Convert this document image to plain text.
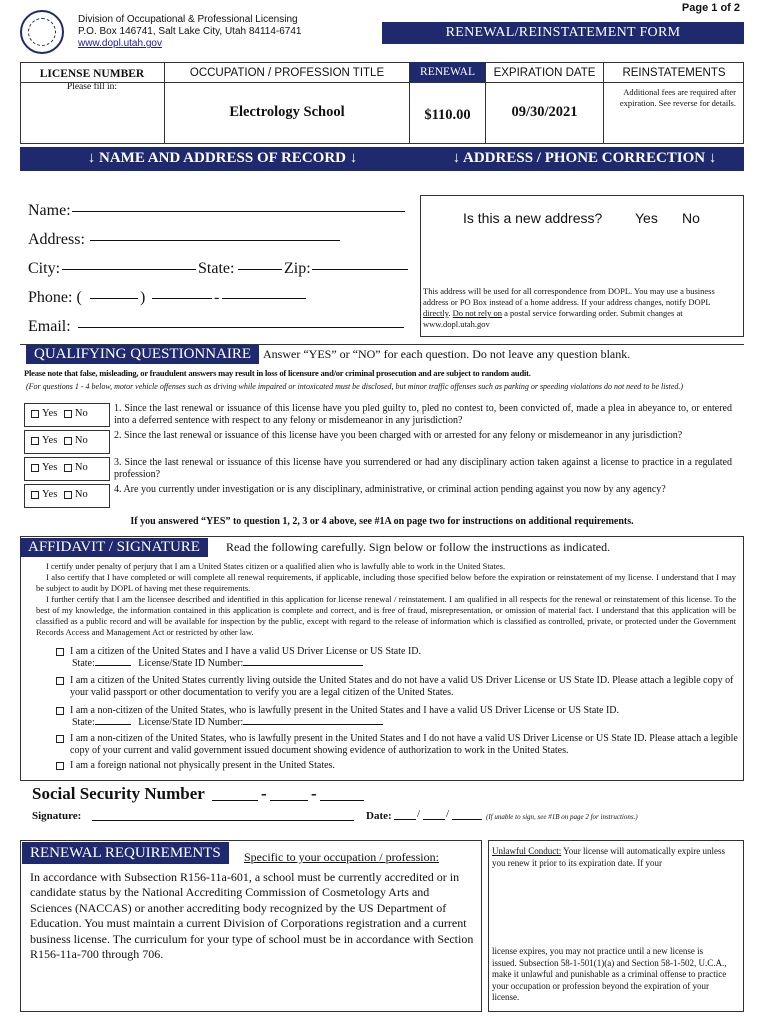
Page 1 of 2
Division of Occupational & Professional Licensing
P.O. Box 146741, Salt Lake City, Utah 84114-6741
www.dopl.utah.gov
RENEWAL/REINSTATEMENT FORM
LICENSE NUMBER
Please fill in:
OCCUPATION / PROFESSION TITLE
Electrology School
RENEWAL FEE
$110.00
EXPIRATION DATE
09/30/2021
REINSTATEMENTS
Additional fees are required after expiration. See reverse for details.
↓ NAME AND ADDRESS OF RECORD ↓	↓ ADDRESS / PHONE CORRECTION ↓
Name:
Address:
City:	State:	Zip:
Phone: (	)	-
Email:
Is this a new address? Yes No
This address will be used for all correspondence from DOPL. You may use a business address or PO Box instead of a home address. If your address changes, notify DOPL directly. Do not rely on a postal service forwarding order. Submit changes at www.dopl.utah.gov
QUALIFYING QUESTIONNAIRE Answer “YES” or “NO” for each question. Do not leave any question blank.
Please note that false, misleading, or fraudulent answers may result in loss of licensure and/or criminal prosecution and are subject to random audit.
(For questions 1 - 4 below, motor vehicle offenses such as driving while impaired or intoxicated must be disclosed, but minor traffic offenses such as parking or speeding violations do not need to be listed.)
Yes No	1. Since the last renewal or issuance of this license have you pled guilty to, pled no contest to, been convicted of, made a plea in abeyance to, or entered into a deferred sentence with respect to any felony or misdemeanor in any jurisdiction?
Yes No	2. Since the last renewal or issuance of this license have you been charged with or arrested for any felony or misdemeanor in any jurisdiction?
Yes No	3. Since the last renewal or issuance of this license have you surrendered or had any disciplinary action taken against a license to practice in a regulated profession?
Yes No	4. Are you currently under investigation or is any disciplinary, administrative, or criminal action pending against you now by any agency?
If you answered “YES” to question 1, 2, 3 or 4 above, see #1A on page two for instructions on additional requirements.
AFFIDAVIT / SIGNATURE	Read the following carefully. Sign below or follow the instructions as indicated.
I certify under penalty of perjury that I am a United States citizen or a qualified alien who is lawfully able to work in the United States.
I also certify that I have completed or will complete all renewal requirements, if applicable, including those specified below before the expiration or reinstatement of my license. I understand that I may be subject to audit by DOPL of having met these requirements.
I further certify that I am the licensee described and identified in this application for license renewal / reinstatement. I am qualified in all respects for the renewal or reinstatement of this license. To the best of my knowledge, the information contained in this application is complete and correct, and is free of fraud, misrepresentation, or omission of material fact. I understand that this application will be classified as a public record and will be available for inspection by the public, except with regard to the release of information which is classified as controlled, private, or protected under the Government Records Access and Management Act or restricted by other law.
I am a citizen of the United States and I have a valid US Driver License or US State ID.
State:	License/State ID Number:
I am a citizen of the United States currently living outside the United States and do not have a valid US Driver License or US State ID. Please attach a legible copy of your valid passport or other documentation to verify you are a legal citizen of the United States.
I am a non-citizen of the United States, who is lawfully present in the United States and I have a valid US Driver License or US State ID.
State:	License/State ID Number:
I am a non-citizen of the United States, who is lawfully present in the United States and I do not have a valid US Driver License or US State ID. Please attach a legible copy of your current and valid government issued document showing evidence of authorization to work in the United States.
I am a foreign national not physically present in the United States.
Social Security Number	-	-
Signature:	Date: / /	(If unable to sign, see #1B on page 2 for instructions.)
RENEWAL REQUIREMENTS	Specific to your occupation / profession:
In accordance with Subsection R156-11a-601, a school must be currently accredited or in candidate status by the National Accrediting Commission of Cosmetology Arts and Sciences (NACCAS) or another accrediting body recognized by the US Department of Education. You must maintain a current Division of Corporations registration and a current business license. The curriculum for your type of school must be in accordance with Section R156-11a-700 through 706.
Unlawful Conduct: Your license will automatically expire unless you renew it prior to its expiration date. If your
license expires, you may not practice until a new license is issued. Subsection 58-1-501(1)(a) and Section 58-1-502, U.C.A., make it unlawful and punishable as a criminal offense to practice your occupation or profession beyond the expiration of your license.
